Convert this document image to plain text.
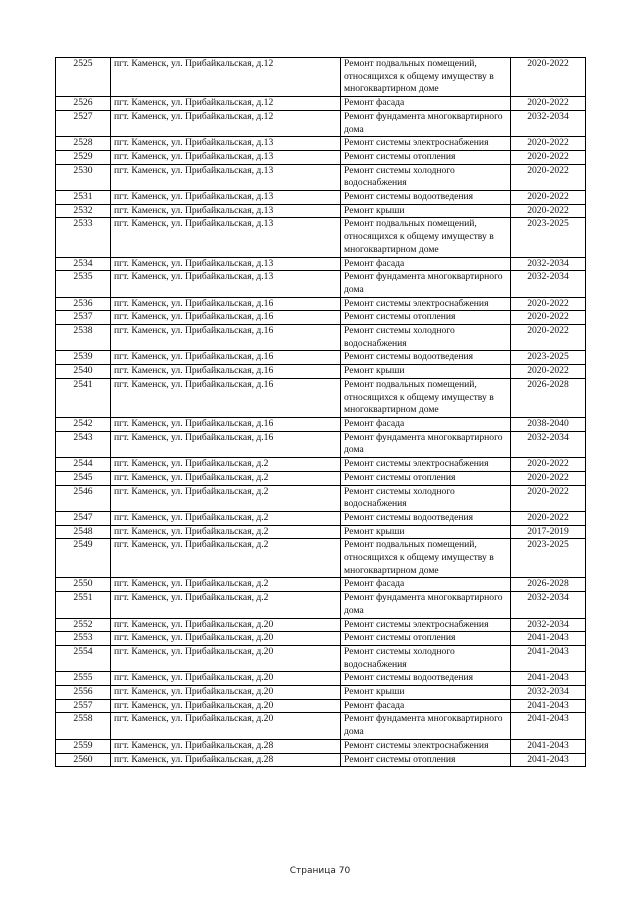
2525	пгт. Каменск, ул. Прибайкальская, д.12	Ремонт подвальных помещений,
относящихся к общему имуществу в
многоквартирном доме	2020-2022
2526	пгт. Каменск, ул. Прибайкальская, д.12	Ремонт фасада	2020-2022
2527	пгт. Каменск, ул. Прибайкальская, д.12	Ремонт фундамента многоквартирного
дома	2032-2034
2528	пгт. Каменск, ул. Прибайкальская, д.13	Ремонт системы электроснабжения	2020-2022
2529	пгт. Каменск, ул. Прибайкальская, д.13	Ремонт системы отопления	2020-2022
2530	пгт. Каменск, ул. Прибайкальская, д.13	Ремонт системы холодного
водоснабжения	2020-2022
2531	пгт. Каменск, ул. Прибайкальская, д.13	Ремонт системы водоотведения	2020-2022
2532	пгт. Каменск, ул. Прибайкальская, д.13	Ремонт крыши	2020-2022
2533	пгт. Каменск, ул. Прибайкальская, д.13	Ремонт подвальных помещений,
относящихся к общему имуществу в
многоквартирном доме	2023-2025
2534	пгт. Каменск, ул. Прибайкальская, д.13	Ремонт фасада	2032-2034
2535	пгт. Каменск, ул. Прибайкальская, д.13	Ремонт фундамента многоквартирного
дома	2032-2034
2536	пгт. Каменск, ул. Прибайкальская, д.16	Ремонт системы электроснабжения	2020-2022
2537	пгт. Каменск, ул. Прибайкальская, д.16	Ремонт системы отопления	2020-2022
2538	пгт. Каменск, ул. Прибайкальская, д.16	Ремонт системы холодного
водоснабжения	2020-2022
2539	пгт. Каменск, ул. Прибайкальская, д.16	Ремонт системы водоотведения	2023-2025
2540	пгт. Каменск, ул. Прибайкальская, д.16	Ремонт крыши	2020-2022
2541	пгт. Каменск, ул. Прибайкальская, д.16	Ремонт подвальных помещений,
относящихся к общему имуществу в
многоквартирном доме	2026-2028
2542	пгт. Каменск, ул. Прибайкальская, д.16	Ремонт фасада	2038-2040
2543	пгт. Каменск, ул. Прибайкальская, д.16	Ремонт фундамента многоквартирного
дома	2032-2034
2544	пгт. Каменск, ул. Прибайкальская, д.2	Ремонт системы электроснабжения	2020-2022
2545	пгт. Каменск, ул. Прибайкальская, д.2	Ремонт системы отопления	2020-2022
2546	пгт. Каменск, ул. Прибайкальская, д.2	Ремонт системы холодного
водоснабжения	2020-2022
2547	пгт. Каменск, ул. Прибайкальская, д.2	Ремонт системы водоотведения	2020-2022
2548	пгт. Каменск, ул. Прибайкальская, д.2	Ремонт крыши	2017-2019
2549	пгт. Каменск, ул. Прибайкальская, д.2	Ремонт подвальных помещений,
относящихся к общему имуществу в
многоквартирном доме	2023-2025
2550	пгт. Каменск, ул. Прибайкальская, д.2	Ремонт фасада	2026-2028
2551	пгт. Каменск, ул. Прибайкальская, д.2	Ремонт фундамента многоквартирного
дома	2032-2034
2552	пгт. Каменск, ул. Прибайкальская, д.20	Ремонт системы электроснабжения	2032-2034
2553	пгт. Каменск, ул. Прибайкальская, д.20	Ремонт системы отопления	2041-2043
2554	пгт. Каменск, ул. Прибайкальская, д.20	Ремонт системы холодного
водоснабжения	2041-2043
2555	пгт. Каменск, ул. Прибайкальская, д.20	Ремонт системы водоотведения	2041-2043
2556	пгт. Каменск, ул. Прибайкальская, д.20	Ремонт крыши	2032-2034
2557	пгт. Каменск, ул. Прибайкальская, д.20	Ремонт фасада	2041-2043
2558	пгт. Каменск, ул. Прибайкальская, д.20	Ремонт фундамента многоквартирного
дома	2041-2043
2559	пгт. Каменск, ул. Прибайкальская, д.28	Ремонт системы электроснабжения	2041-2043
2560	пгт. Каменск, ул. Прибайкальская, д.28	Ремонт системы отопления	2041-2043
Страница 70
